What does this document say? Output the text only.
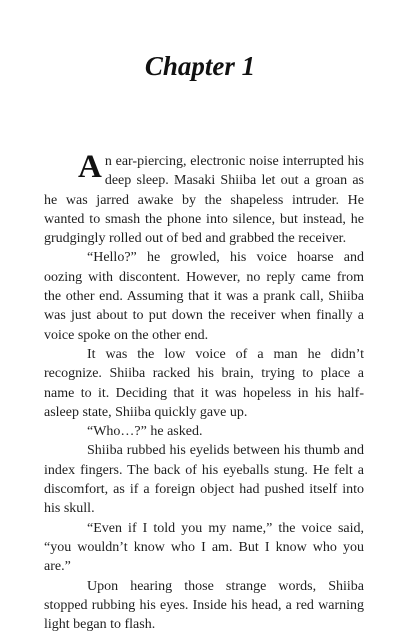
Chapter 1

An ear-piercing, electronic noise interrupted his deep sleep. Masaki Shiiba let out a groan as he was jarred awake by the shapeless intruder. He wanted to smash the phone into silence, but instead, he grudgingly rolled out of bed and grabbed the receiver.

“Hello?” he growled, his voice hoarse and oozing with discontent. However, no reply came from the other end. Assuming that it was a prank call, Shiiba was just about to put down the receiver when finally a voice spoke on the other end.

It was the low voice of a man he didn’t recognize. Shiiba racked his brain, trying to place a name to it. Deciding that it was hopeless in his half-asleep state, Shiiba quickly gave up.

“Who…?” he asked.

Shiiba rubbed his eyelids between his thumb and index fingers. The back of his eyeballs stung. He felt a discomfort, as if a foreign object had pushed itself into his skull.

“Even if I told you my name,” the voice said, “you wouldn’t know who I am. But I know who you are.”

Upon hearing those strange words, Shiiba stopped rubbing his eyes. Inside his head, a red warning light began to flash.
